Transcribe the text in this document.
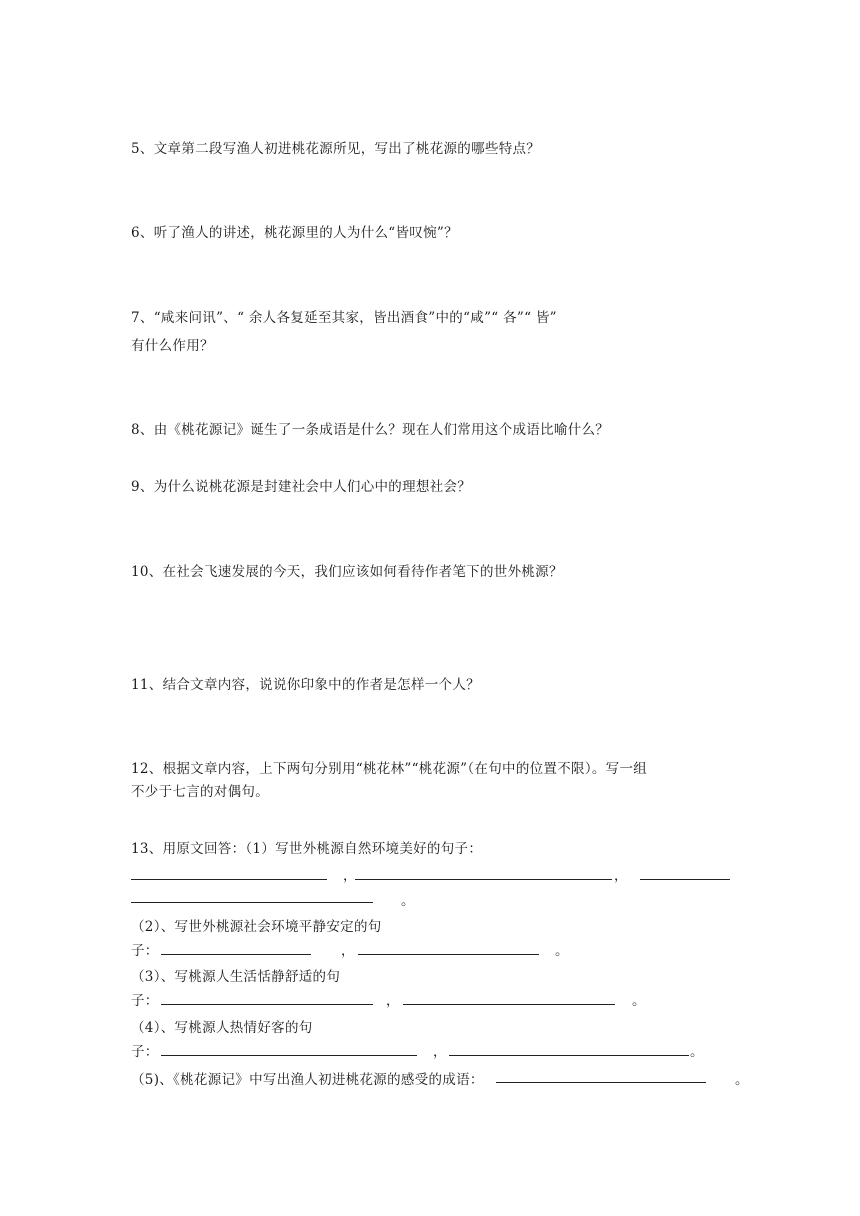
5、文章第二段写渔人初进桃花源所见，写出了桃花源的哪些特点？
6、听了渔人的讲述，桃花源里的人为什么“皆叹惋”？
7、“咸来问讯”、“ 余人各复延至其家，皆出酒食”中的“咸”“ 各”“ 皆”
有什么作用？
8、由《桃花源记》诞生了一条成语是什么？现在人们常用这个成语比喻什么？
9、为什么说桃花源是封建社会中人们心中的理想社会？
10、在社会飞速发展的今天，我们应该如何看待作者笔下的世外桃源？
11、结合文章内容，说说你印象中的作者是怎样一个人？
12、根据文章内容，上下两句分别用“桃花林”“桃花源”（在句中的位置不限）。写一组
不少于七言的对偶句。
13、用原文回答：（1）写世外桃源自然环境美好的句子：
，	，
。
（2）、写世外桃源社会环境平静安定的句
子：	，	。
（3）、写桃源人生活恬静舒适的句
子：	，	。
（4）、写桃源人热情好客的句
子：	，	。
（5)、《桃花源记》中写出渔人初进桃花源的感受的成语：	。
